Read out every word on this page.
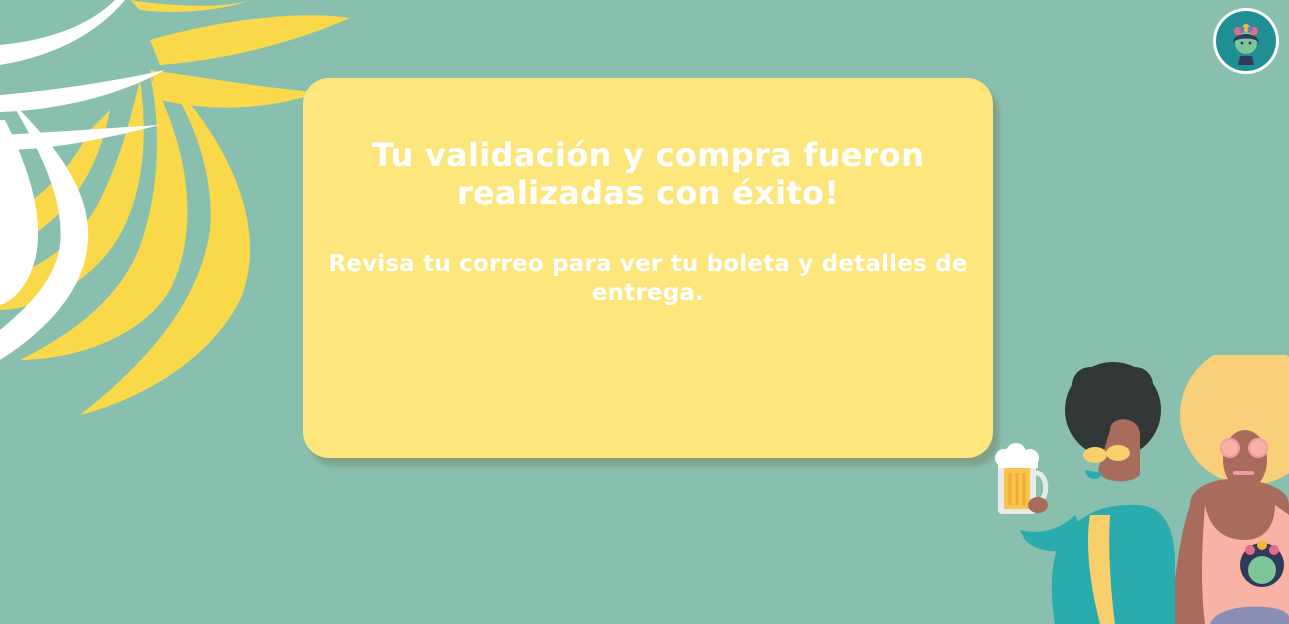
Tu validación y compra fueron realizadas con éxito!

Revisa tu correo para ver tu boleta y detalles de entrega.
